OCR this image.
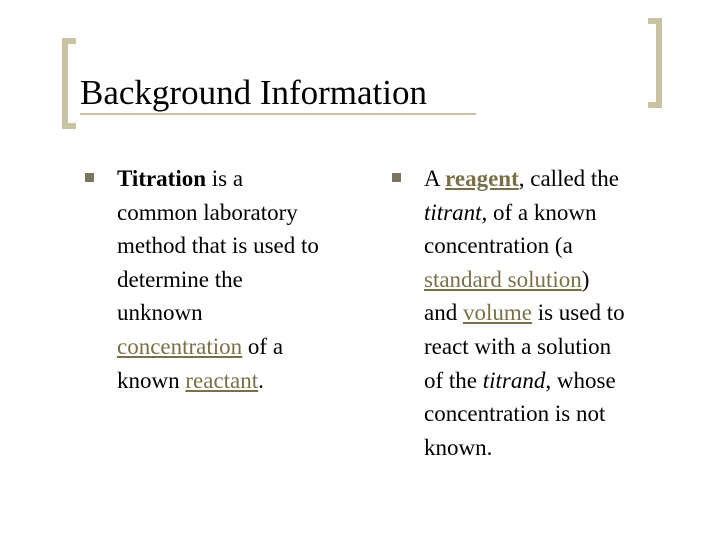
Background Information

Titration is a
common laboratory
method that is used to
determine the
unknown
concentration of a
known reactant.

A reagent, called the
titrant, of a known
concentration (a
standard solution)
and volume is used to
react with a solution
of the titrand, whose
concentration is not
known.
